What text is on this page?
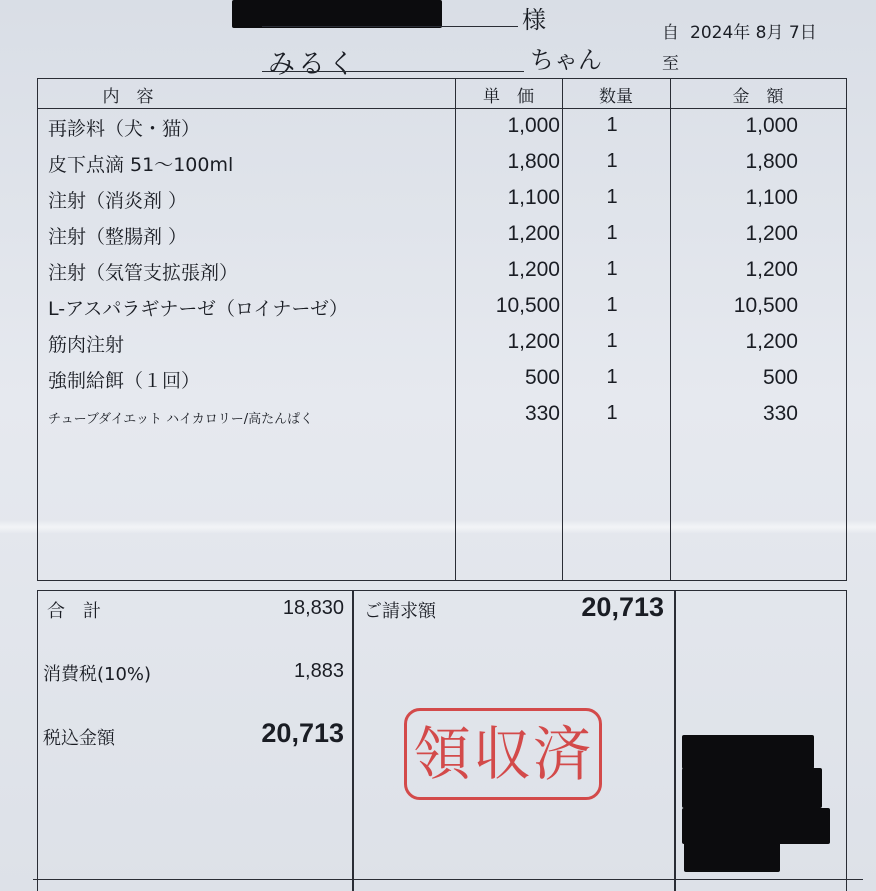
様
みるく	ちゃん
自 2024年 8月 7日
至
内　容	単　価	数量	金　額
再診料（犬・猫）	1,000	1	1,000
皮下点滴 51〜100ml	1,800	1	1,800
注射（消炎剤 ）	1,100	1	1,100
注射（整腸剤 ）	1,200	1	1,200
注射（気管支拡張剤）	1,200	1	1,200
L-アスパラギナーゼ（ロイナーゼ）	10,500	1	10,500
筋肉注射	1,200	1	1,200
強制給餌（１回）	500	1	500
チューブダイエット ハイカロリー/高たんぱく	330	1	330
合　計	18,830
消費税(10%)	1,883
税込金額	20,713
ご請求額	20,713
領収済
